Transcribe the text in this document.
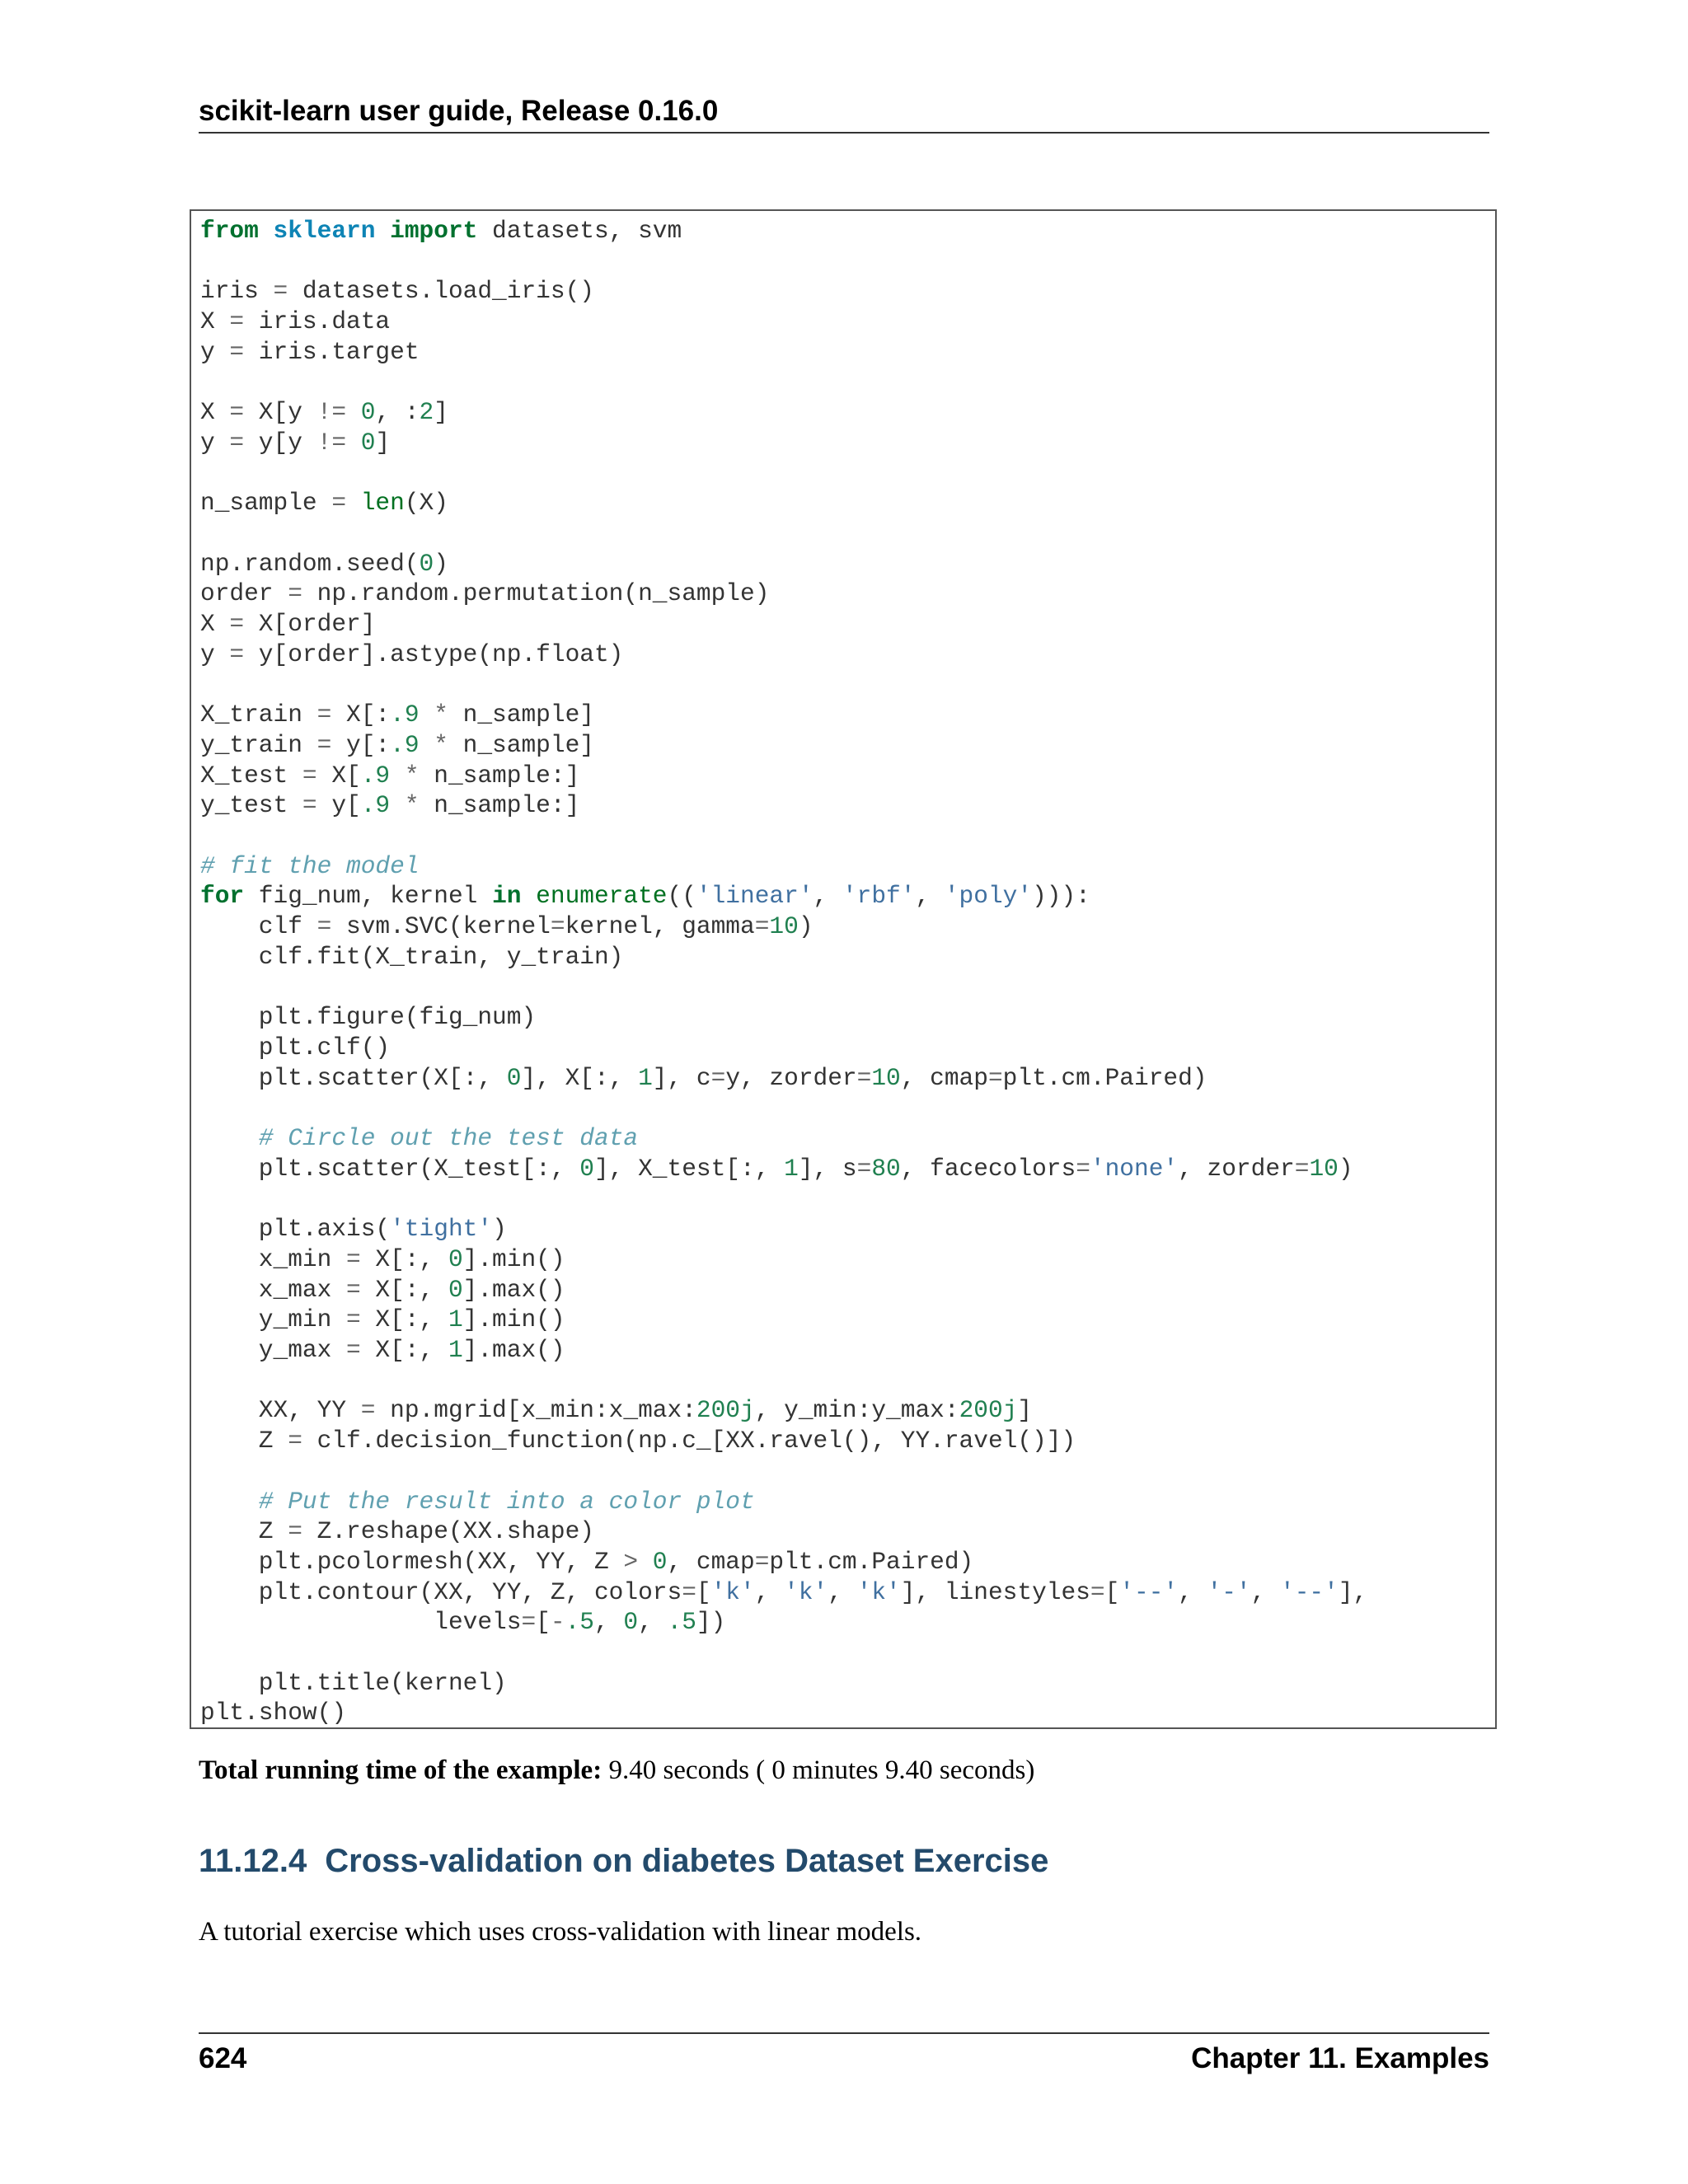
scikit-learn user guide, Release 0.16.0
from sklearn import datasets, svm

iris = datasets.load_iris()
X = iris.data
y = iris.target

X = X[y != 0, :2]
y = y[y != 0]

n_sample = len(X)

np.random.seed(0)
order = np.random.permutation(n_sample)
X = X[order]
y = y[order].astype(np.float)

X_train = X[:.9 * n_sample]
y_train = y[:.9 * n_sample]
X_test = X[.9 * n_sample:]
y_test = y[.9 * n_sample:]

# fit the model
for fig_num, kernel in enumerate(('linear', 'rbf', 'poly'))):
clf = svm.SVC(kernel=kernel, gamma=10)
clf.fit(X_train, y_train)

plt.figure(fig_num)
plt.clf()
plt.scatter(X[:, 0], X[:, 1], c=y, zorder=10, cmap=plt.cm.Paired)

# Circle out the test data
plt.scatter(X_test[:, 0], X_test[:, 1], s=80, facecolors='none', zorder=10)

plt.axis('tight')
x_min = X[:, 0].min()
x_max = X[:, 0].max()
y_min = X[:, 1].min()
y_max = X[:, 1].max()

XX, YY = np.mgrid[x_min:x_max:200j, y_min:y_max:200j]
Z = clf.decision_function(np.c_[XX.ravel(), YY.ravel()])

# Put the result into a color plot
Z = Z.reshape(XX.shape)
plt.pcolormesh(XX, YY, Z > 0, cmap=plt.cm.Paired)
plt.contour(XX, YY, Z, colors=['k', 'k', 'k'], linestyles=['--', '-', '--'],
levels=[-.5, 0, .5])

plt.title(kernel)
plt.show()
Total running time of the example: 9.40 seconds ( 0 minutes 9.40 seconds)
11.12.4 Cross-validation on diabetes Dataset Exercise
A tutorial exercise which uses cross-validation with linear models.
624	Chapter 11. Examples
